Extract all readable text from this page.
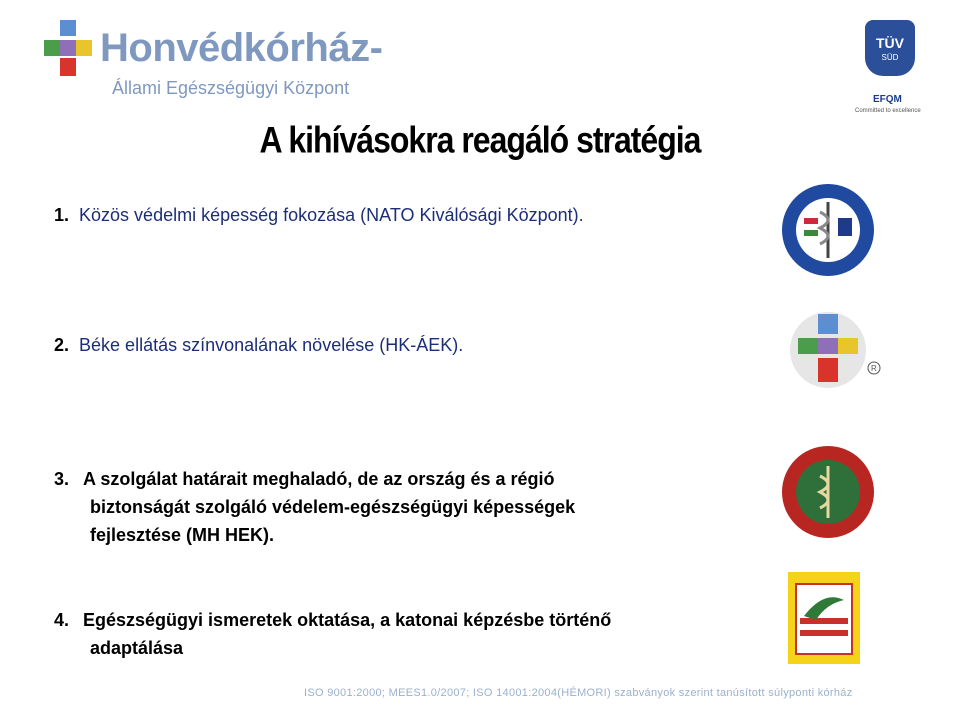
Honvédkórház-
Állami Egészségügyi Központ
TÜV
SÜD
EFQM
Committed to excellence
A kihívásokra reagáló stratégia
1. Közös védelmi képesség fokozása (NATO Kiválósági Központ).
2. Béke ellátás színvonalának növelése (HK-ÁEK).
3. A szolgálat határait meghaladó, de az ország és a régió
biztonságát szolgáló védelem-egészségügyi képességek
fejlesztése (MH HEK).
4. Egészségügyi ismeretek oktatása, a katonai képzésbe történő
adaptálása
R
ISO 9001:2000; MEES1.0/2007; ISO 14001:2004(HÉMORI) szabványok szerint tanúsított súlyponti kórház
